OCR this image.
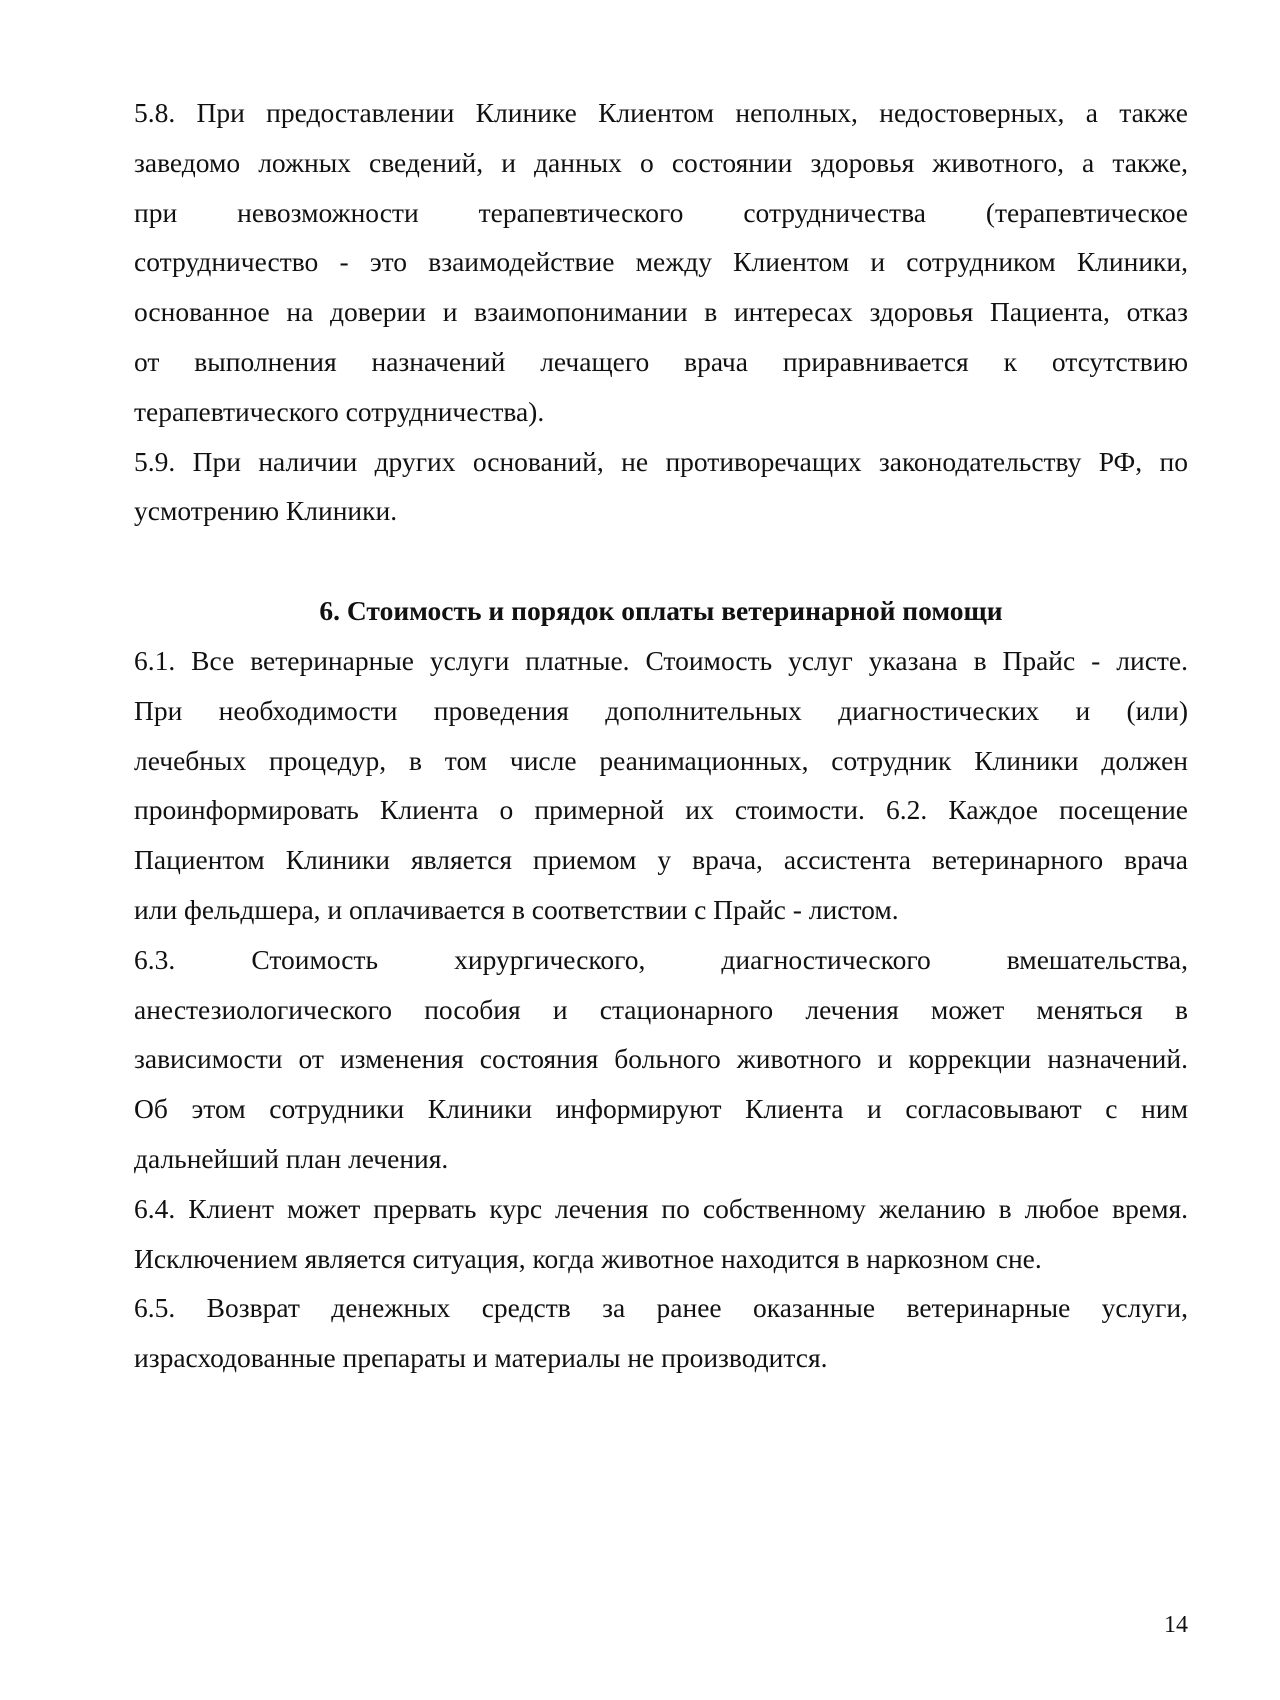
5.8. При предоставлении Клинике Клиентом неполных, недостоверных, а также
заведомо ложных сведений, и данных о состоянии здоровья животного, а также,
при невозможности терапевтического сотрудничества (терапевтическое
сотрудничество - это взаимодействие между Клиентом и сотрудником Клиники,
основанное на доверии и взаимопонимании в интересах здоровья Пациента, отказ
от выполнения назначений лечащего врача приравнивается к отсутствию
терапевтического сотрудничества).

5.9. При наличии других оснований, не противоречащих законодательству РФ, по
усмотрению Клиники.

6. Стоимость и порядок оплаты ветеринарной помощи

6.1. Все ветеринарные услуги платные. Стоимость услуг указана в Прайс - листе.
При необходимости проведения дополнительных диагностических и (или)
лечебных процедур, в том числе реанимационных, сотрудник Клиники должен
проинформировать Клиента о примерной их стоимости. 6.2. Каждое посещение
Пациентом Клиники является приемом у врача, ассистента ветеринарного врача
или фельдшера, и оплачивается в соответствии с Прайс - листом.

6.3. Стоимость хирургического, диагностического вмешательства,
анестезиологического пособия и стационарного лечения может меняться в
зависимости от изменения состояния больного животного и коррекции назначений.
Об этом сотрудники Клиники информируют Клиента и согласовывают с ним
дальнейший план лечения.

6.4. Клиент может прервать курс лечения по собственному желанию в любое время.
Исключением является ситуация, когда животное находится в наркозном сне.

6.5. Возврат денежных средств за ранее оказанные ветеринарные услуги,
израсходованные препараты и материалы не производится.

14
